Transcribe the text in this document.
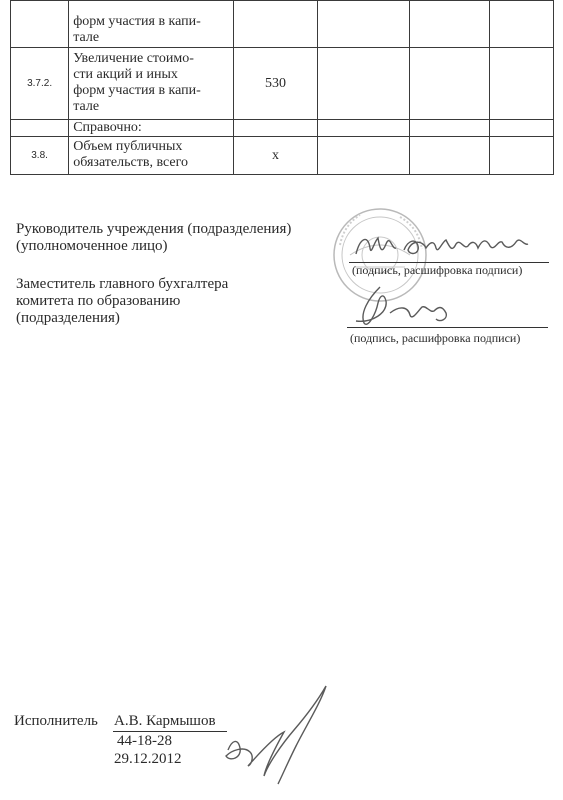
	форм участия в капи-
тале				

3.7.2.	Увеличение стоимо-
сти акций и иных
форм участия в капи-
тале	530			
	Справочно:				
3.8.	Объем публичных
обязательств, всего	x			
Руководитель учреждения (подразделения)
(уполномоченное лицо)
(подпись, расшифровка подписи)
Заместитель главного бухгалтера
комитета по образованию
(подразделения)
(подпись, расшифровка подписи)
Исполнитель А.В. Кармышов
44-18-28
29.12.2012
